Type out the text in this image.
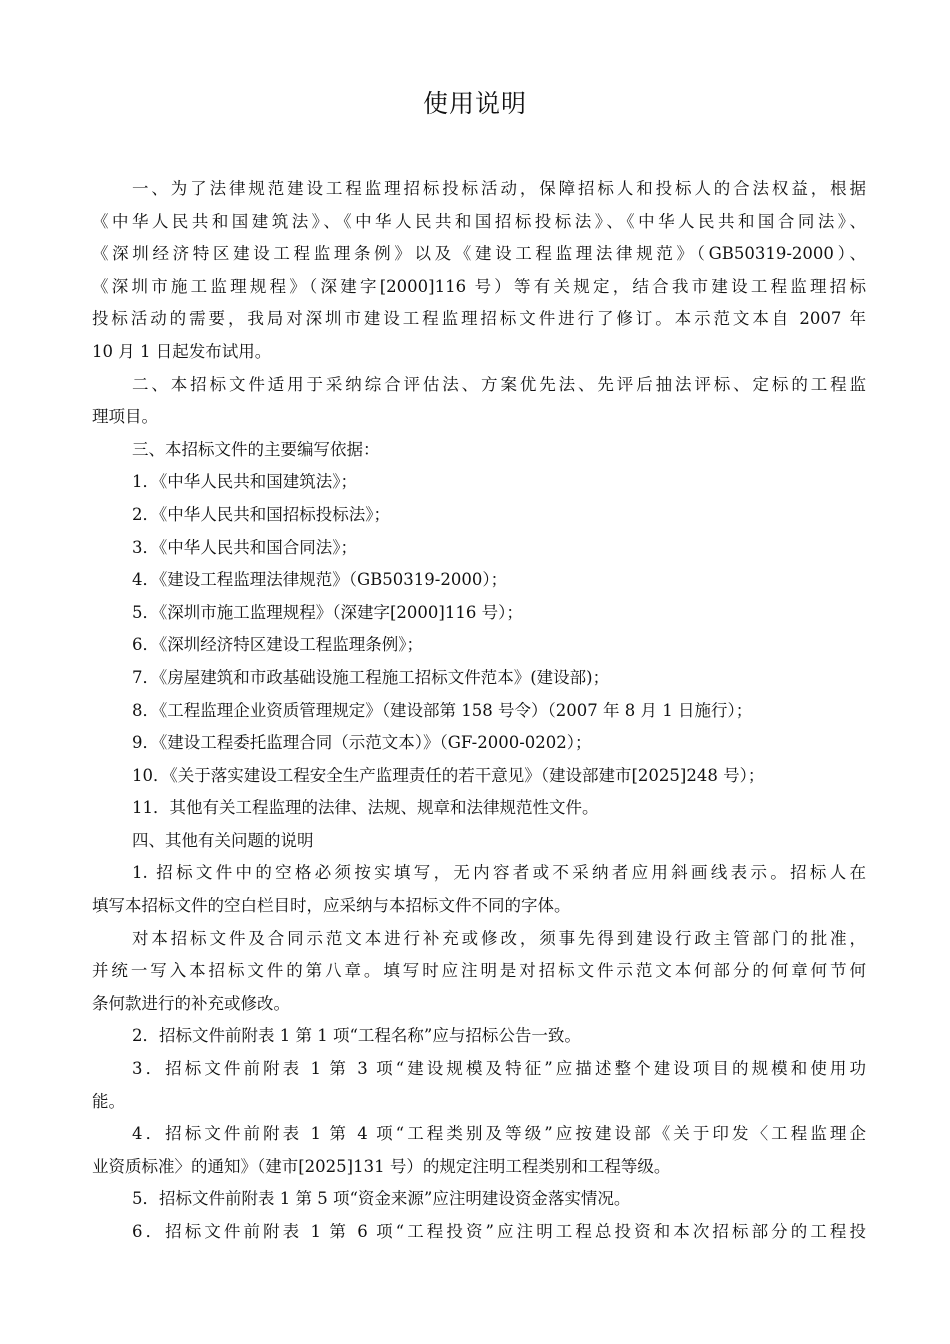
使用说明
一、为了法律规范建设工程监理招标投标活动，保障招标人和投标人的合法权益，根据
《中华人民共和国建筑法》、《中华人民共和国招标投标法》、《中华人民共和国合同法》、
《深圳经济特区建设工程监理条例》以及《建设工程监理法律规范》（GB50319-2000）、
《深圳市施工监理规程》（深建字[2000]116 号）等有关规定，结合我市建设工程监理招标
投标活动的需要，我局对深圳市建设工程监理招标文件进行了修订。本示范文本自 2007 年
10 月 1 日起发布试用。
二、本招标文件适用于采纳综合评估法、方案优先法、先评后抽法评标、定标的工程监
理项目。
三、本招标文件的主要编写依据：
1．《中华人民共和国建筑法》；
2．《中华人民共和国招标投标法》；
3．《中华人民共和国合同法》；
4．《建设工程监理法律规范》（GB50319-2000）；
5．《深圳市施工监理规程》（深建字[2000]116 号）；
6．《深圳经济特区建设工程监理条例》；
7．《房屋建筑和市政基础设施工程施工招标文件范本》(建设部)；
8．《工程监理企业资质管理规定》（建设部第 158 号令）（2007 年 8 月 1 日施行）；
9．《建设工程委托监理合同（示范文本）》（GF-2000-0202）；
10．《关于落实建设工程安全生产监理责任的若干意见》（建设部建市[2025]248 号）；
11．其他有关工程监理的法律、法规、规章和法律规范性文件。
四、其他有关问题的说明
1. 招标文件中的空格必须按实填写，无内容者或不采纳者应用斜画线表示。招标人在
填写本招标文件的空白栏目时，应采纳与本招标文件不同的字体。
对本招标文件及合同示范文本进行补充或修改，须事先得到建设行政主管部门的批准，
并统一写入本招标文件的第八章。填写时应注明是对招标文件示范文本何部分的何章何节何
条何款进行的补充或修改。
2．招标文件前附表 1 第 1 项“工程名称”应与招标公告一致。
3．招标文件前附表 1 第 3 项“建设规模及特征”应描述整个建设项目的规模和使用功
能。
4．招标文件前附表 1 第 4 项“工程类别及等级”应按建设部《关于印发〈工程监理企
业资质标准〉的通知》（建市[2025]131 号）的规定注明工程类别和工程等级。
5．招标文件前附表 1 第 5 项“资金来源”应注明建设资金落实情况。
6．招标文件前附表 1 第 6 项“工程投资”应注明工程总投资和本次招标部分的工程投
